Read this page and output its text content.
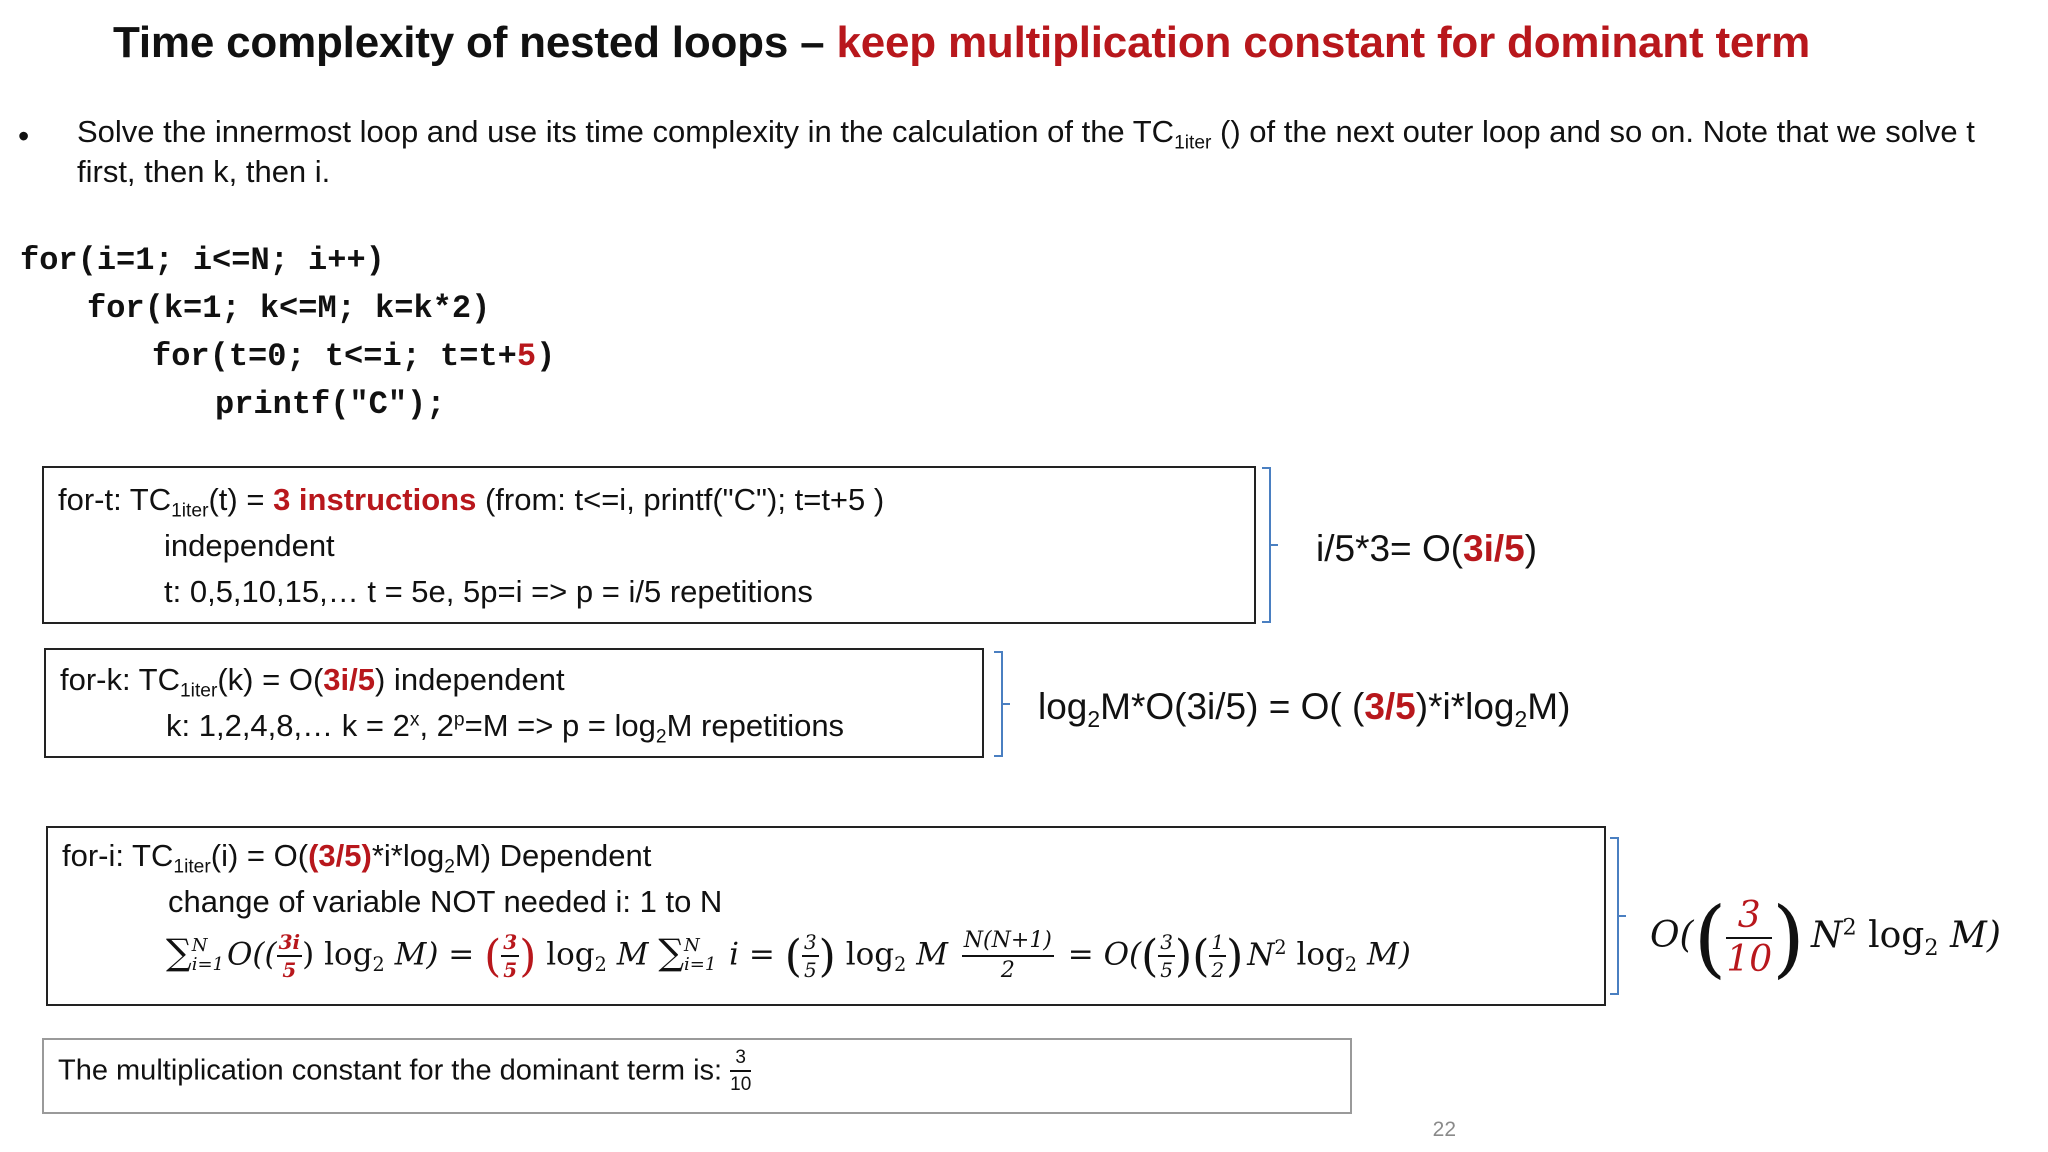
Time complexity of nested loops – keep multiplication constant for dominant term
• Solve the innermost loop and use its time complexity in the calculation of the $TC_{1iter}$ () of the next outer loop and so on. Note that we solve t first, then k, then i.
for(i=1; i<=N; i++)
for(k=1; k<=M; k=k*2)
for(t=0; t<=i; t=t+5)
printf("C");
for-t: $TC_{1iter}(t) = 3$ instructions (from: t<=i, printf("C"); t=t+5 )
independent
t: 0,5,10,15,… t = 5e, 5p=i => p = i/5 repetitions
i/5*3= O(3i/5)
for-k: $TC_{1iter}(k) = O(3i/5)$ independent
k: 1,2,4,8,… $k = 2^x$, $2^p=M => p = \log_2M$ repetitions	$\log_2M*O(3i/5) = O$( $(3/5)*i*\log_2M$)
for-i: $TC_{1iter}(i) = O((3/5)*i*\log_2M)$ Dependent
change of variable NOT needed i: 1 to N
∑ N
i=1 $O(( \frac{3i}{5}$ ) $\log_2 M$) = ( $\frac{3}{5}$ ) $\log_2 M$ ∑ N
i=1 i = ( $\frac{3}{5}$ ) $\log_2 M \frac{N(N+1)}{2} = O(( \frac{3}{5}$ )( $\frac{1}{2}$ ) $N^2$ $\log_2 M$)	$O(( \frac{3}{10}$ ) $N^2$ $\log_2 M$)
The multiplication constant for the dominant term is: $\frac{3}{10}$
22
